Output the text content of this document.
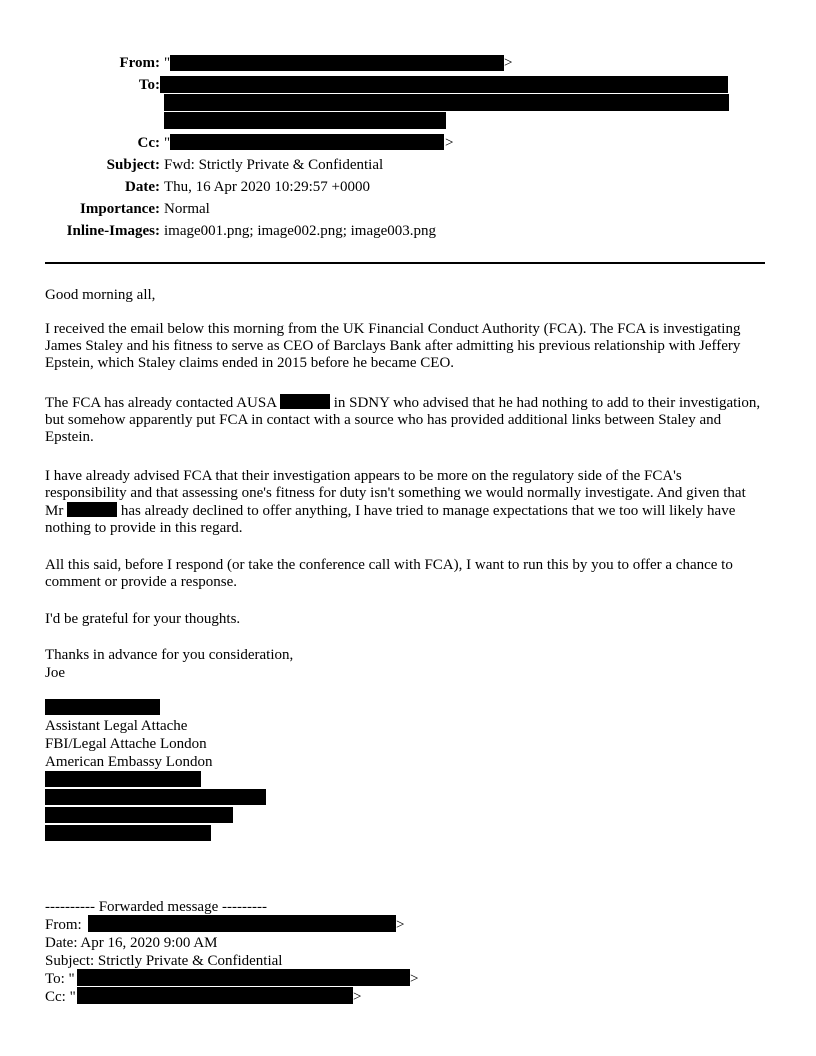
From: "	>
To:
Cc: "	>
Subject: Fwd: Strictly Private & Confidential
Date: Thu, 16 Apr 2020 10:29:57 +0000
Importance: Normal
Inline-Images: image001.png; image002.png; image003.png

Good morning all,

I received the email below this morning from the UK Financial Conduct Authority (FCA). The FCA is investigating James Staley and his fitness to serve as CEO of Barclays Bank after admitting his previous relationship with Jeffery Epstein, which Staley claims ended in 2015 before he became CEO.

The FCA has already contacted AUSA	in SDNY who advised that he had nothing to add to their investigation, but somehow apparently put FCA in contact with a source who has provided additional links between Staley and Epstein.

I have already advised FCA that their investigation appears to be more on the regulatory side of the FCA's responsibility and that assessing one's fitness for duty isn't something we would normally investigate. And given that Mr	has already declined to offer anything, I have tried to manage expectations that we too will likely have nothing to provide in this regard.

All this said, before I respond (or take the conference call with FCA), I want to run this by you to offer a chance to comment or provide a response.

I'd be grateful for your thoughts.

Thanks in advance for you consideration,

Joe

Assistant Legal Attache
FBI/Legal Attache London
American Embassy London
---------- Forwarded message ---------
From:	>
Date: Apr 16, 2020 9:00 AM
Subject: Strictly Private & Confidential
To: "	>
Cc: "	>
